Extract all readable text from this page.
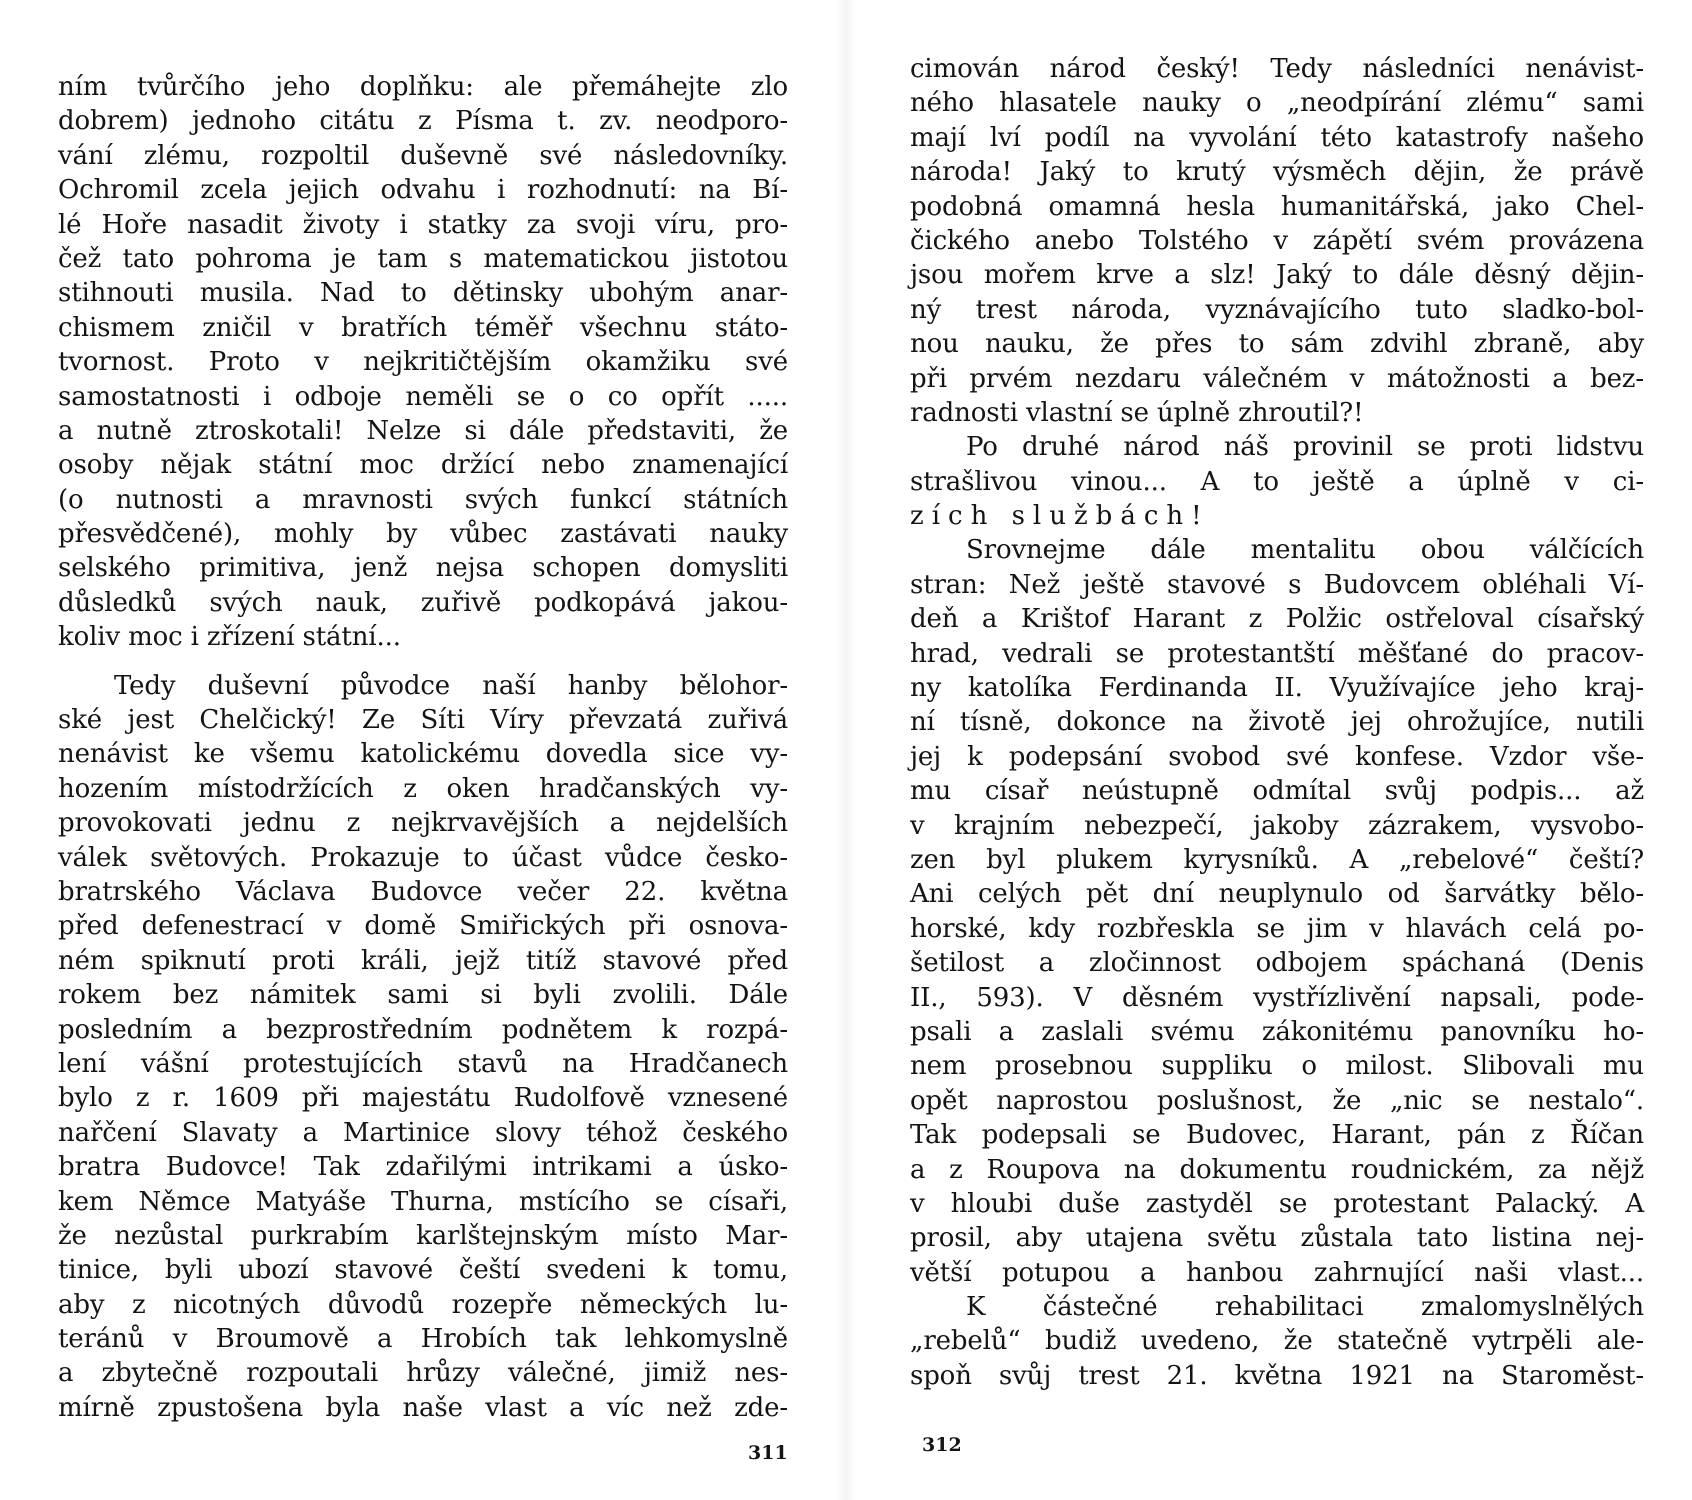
ním tvůrčího jeho doplňku: ale přemáhejte zlo
dobrem) jednoho citátu z Písma t. zv. neodporo-
vání zlému, rozpoltil duševně své následovníky.
Ochromil zcela jejich odvahu i rozhodnutí: na Bí-
lé Hoře nasadit životy i statky za svoji víru, pro-
čež tato pohroma je tam s matematickou jistotou
stihnouti musila. Nad to dětinsky ubohým anar-
chismem zničil v bratřích téměř všechnu státo-
tvornost. Proto v nejkritičtějším okamžiku své
samostatnosti i odboje neměli se o co opřít .....
a nutně ztroskotali! Nelze si dále představiti, že
osoby nějak státní moc držící nebo znamenající
(o nutnosti a mravnosti svých funkcí státních
přesvědčené), mohly by vůbec zastávati nauky
selského primitiva, jenž nejsa schopen domysliti
důsledků svých nauk, zuřivě podkopává jakou-
koliv moc i zřízení státní...
Tedy duševní původce naší hanby bělohor-
ské jest Chelčický! Ze Síti Víry převzatá zuřivá
nenávist ke všemu katolickému dovedla sice vy-
hozením místodržících z oken hradčanských vy-
provokovati jednu z nejkrvavějších a nejdelších
válek světových. Prokazuje to účast vůdce česko-
bratrského Václava Budovce večer 22. května
před defenestrací v domě Smiřických při osnova-
ném spiknutí proti králi, jejž titíž stavové před
rokem bez námitek sami si byli zvolili. Dále
posledním a bezprostředním podnětem k rozpá-
lení vášní protestujících stavů na Hradčanech
bylo z r. 1609 při majestátu Rudolfově vznesené
nařčení Slavaty a Martinice slovy téhož českého
bratra Budovce! Tak zdařilými intrikami a úsko-
kem Němce Matyáše Thurna, mstícího se císaři,
že nezůstal purkrabím karlštejnským místo Mar-
tinice, byli ubozí stavové čeští svedeni k tomu,
aby z nicotných důvodů rozepře německých lu-
teránů v Broumově a Hrobích tak lehkomyslně
a zbytečně rozpoutali hrůzy válečné, jimiž nes-
mírně zpustošena byla naše vlast a víc než zde-
311
cimován národ český! Tedy následníci nenávist-
ného hlasatele nauky o „neodpírání zlému“ sami
mají lví podíl na vyvolání této katastrofy našeho
národa! Jaký to krutý výsměch dějin, že právě
podobná omamná hesla humanitářská, jako Chel-
čického anebo Tolstého v zápětí svém provázena
jsou mořem krve a slz! Jaký to dále děsný dějin-
ný trest národa, vyznávajícího tuto sladko-bol-
nou nauku, že přes to sám zdvihl zbraně, aby
při prvém nezdaru válečném v mátožnosti a bez-
radnosti vlastní se úplně zhroutil?!
Po druhé národ náš provinil se proti lidstvu
strašlivou vinou... A to ještě a úplně v ci-
zích službách!
Srovnejme dále mentalitu obou válčících
stran: Než ještě stavové s Budovcem obléhali Ví-
deň a Krištof Harant z Polžic ostřeloval císařský
hrad, vedrali se protestantští měšťané do pracov-
ny katolíka Ferdinanda II. Využívajíce jeho kraj-
ní tísně, dokonce na životě jej ohrožujíce, nutili
jej k podepsání svobod své konfese. Vzdor vše-
mu císař neústupně odmítal svůj podpis... až
v krajním nebezpečí, jakoby zázrakem, vysvobo-
zen byl plukem kyrysníků. A „rebelové“ čeští?
Ani celých pět dní neuplynulo od šarvátky bělo-
horské, kdy rozbřeskla se jim v hlavách celá po-
šetilost a zločinnost odbojem spáchaná (Denis
II., 593). V děsném vystřízlivění napsali, pode-
psali a zaslali svému zákonitému panovníku ho-
nem prosebnou suppliku o milost. Slibovali mu
opět naprostou poslušnost, že „nic se nestalo“.
Tak podepsali se Budovec, Harant, pán z Říčan
a z Roupova na dokumentu roudnickém, za nějž
v hloubi duše zastyděl se protestant Palacký. A
prosil, aby utajena světu zůstala tato listina nej-
větší potupou a hanbou zahrnující naši vlast...
K částečné rehabilitaci zmalomyslnělých
„rebelů“ budiž uvedeno, že statečně vytrpěli ale-
spoň svůj trest 21. května 1921 na Staroměst-
312
